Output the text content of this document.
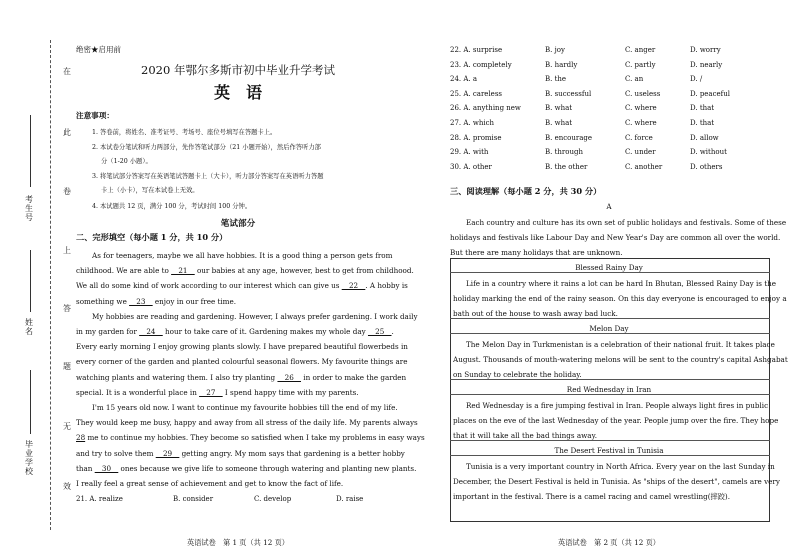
在
此
卷
上
答
题
无
效
考生号
姓名
毕业学校
绝密★启用前
2020 年鄂尔多斯市初中毕业升学考试
英　语
注意事项：
1. 答卷前，将姓名、准考证号、考场号、座位号填写在答题卡上。
2. 本试卷分笔试和听力两部分，先作答笔试部分（21 小题开始），然后作答听力部
分（1-20 小题）。
3. 将笔试部分答案写在英语笔试答题卡上（大卡），听力部分答案写在英语听力答题
卡上（小卡），写在本试卷上无效。
4. 本试题共 12 页，满分 100 分，考试时间 100 分钟。
笔试部分
二、完形填空（每小题 1 分，共 10 分）
As for teenagers, maybe we all have hobbies. It is a good thing a person gets from
childhood. We are able to __21__ our babies at any age, however, best to get from childhood.
We all do some kind of work according to our interest which can give us __22__. A hobby is
something we __23__ enjoy in our free time.
My hobbies are reading and gardening. However, I always prefer gardening. I work daily
in my garden for __24__ hour to take care of it. Gardening makes my whole day __25__.
Every early morning I enjoy growing plants slowly. I have prepared beautiful flowerbeds in
every corner of the garden and planted colourful seasonal flowers. My favourite things are
watching plants and watering them. I also try planting __26__ in order to make the garden
special. It is a wonderful place in __27__ I spend happy time with my parents.
I'm 15 years old now. I want to continue my favourite hobbies till the end of my life.
They would keep me busy, happy and away from all stress of the daily life. My parents always
28 me to continue my hobbies. They become so satisfied when I take my problems in easy ways
and try to solve them __29__ getting angry. My mom says that gardening is a better hobby
than __30__ ones because we give life to someone through watering and planting new plants.
I really feel a great sense of achievement and get to know the fact of life.
21. A. realize	B. consider	C. develop	D. raise
英语试卷　第 1 页（共 12 页）
22. A. surprise	B. joy	C. anger	D. worry
23. A. completely	B. hardly	C. partly	D. nearly
24. A. a	B. the	C. an	D. /
25. A. careless	B. successful	C. useless	D. peaceful
26. A. anything new	B. what	C. where	D. that
27. A. which	B. what	C. where	D. that
28. A. promise	B. encourage	C. force	D. allow
29. A. with	B. through	C. under	D. without
30. A. other	B. the other	C. another	D. others
三、阅读理解（每小题 2 分，共 30 分）
A
Each country and culture has its own set of public holidays and festivals. Some of these
holidays and festivals like Labour Day and New Year's Day are common all over the world.
But there are many holidays that are unknown.
Blessed Rainy Day
Life in a country where it rains a lot can be hard In Bhutan, Blessed Rainy Day is the
holiday marking the end of the rainy season. On this day everyone is encouraged to enjoy a
bath out of the house to wash away bad luck.
Melon Day
The Melon Day in Turkmenistan is a celebration of their national fruit. It takes place
August. Thousands of mouth-watering melons will be sent to the country's capital Ashgabat
on Sunday to celebrate the holiday.
Red Wednesday in Iran
Red Wednesday is a fire jumping festival in Iran. People always light fires in public
places on the eve of the last Wednesday of the year. People jump over the fire. They hope
that it will take all the bad things away.
The Desert Festival in Tunisia
Tunisia is a very important country in North Africa. Every year on the last Sunday in
December, the Desert Festival is held in Tunisia. As "ships of the desert", camels are very
important in the festival. There is a camel racing and camel wrestling(摔跤).
英语试卷　第 2 页（共 12 页）
